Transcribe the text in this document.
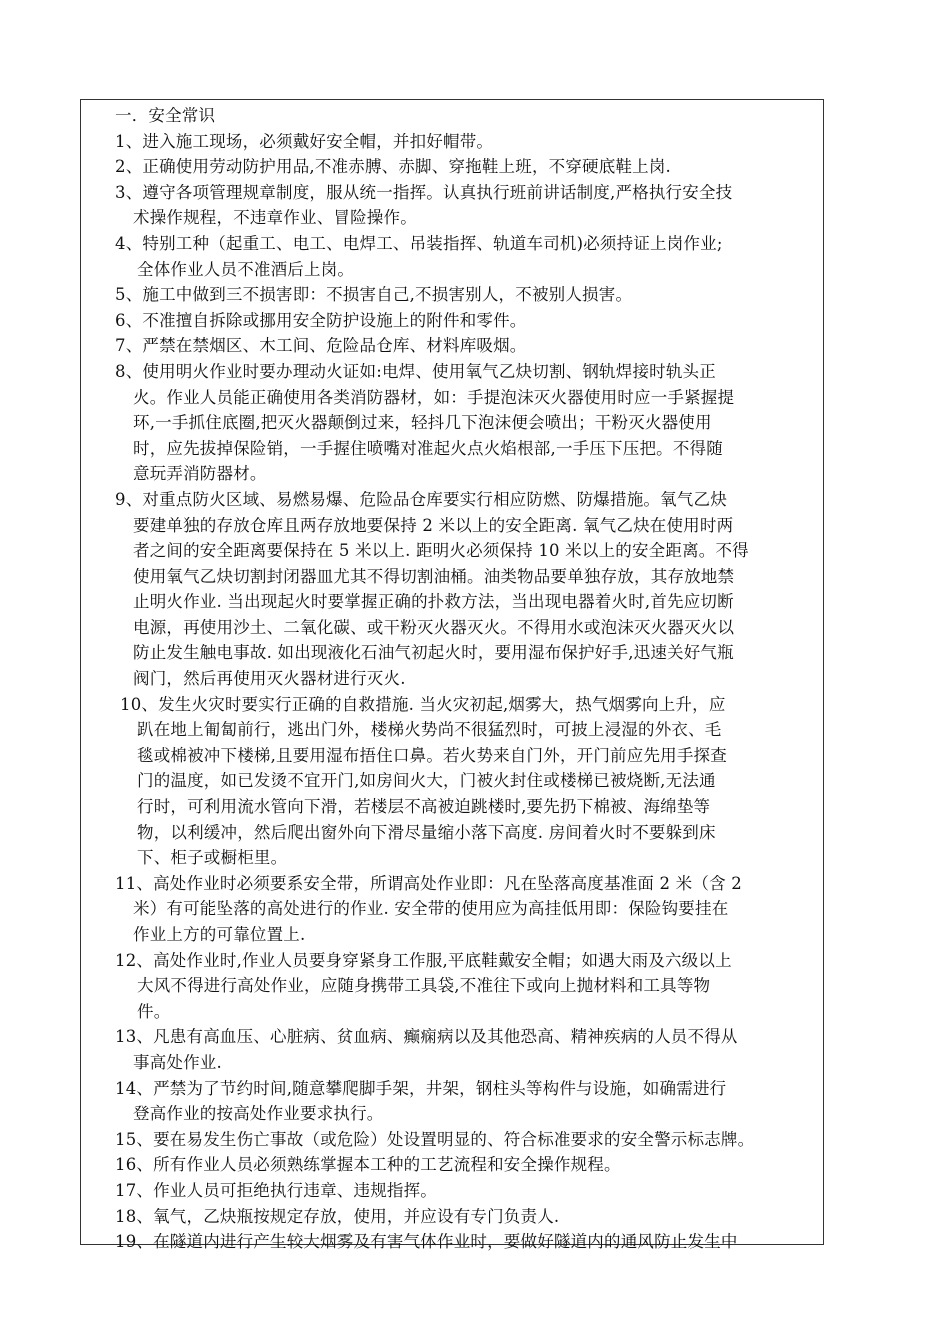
一．安全常识
1、进入施工现场，必须戴好安全帽，并扣好帽带。
2、正确使用劳动防护用品,不准赤膊、赤脚、穿拖鞋上班，不穿硬底鞋上岗.
3、遵守各项管理规章制度，服从统一指挥。认真执行班前讲话制度,严格执行安全技
术操作规程，不违章作业、冒险操作。
4、特别工种（起重工、电工、电焊工、吊装指挥、轨道车司机)必须持证上岗作业;
全体作业人员不准酒后上岗。
5、施工中做到三不损害即：不损害自己,不损害别人，不被别人损害。
6、不准擅自拆除或挪用安全防护设施上的附件和零件。
7、严禁在禁烟区、木工间、危险品仓库、材料库吸烟。
8、使用明火作业时要办理动火证如:电焊、使用氧气乙炔切割、钢轨焊接时轨头正
火。作业人员能正确使用各类消防器材，如：手提泡沫灭火器使用时应一手紧握提
环,一手抓住底圈,把灭火器颠倒过来，轻抖几下泡沫便会喷出；干粉灭火器使用
时，应先拔掉保险销，一手握住喷嘴对准起火点火焰根部,一手压下压把。不得随
意玩弄消防器材。
9、对重点防火区域、易燃易爆、危险品仓库要实行相应防燃、防爆措施。氧气乙炔
要建单独的存放仓库且两存放地要保持 2 米以上的安全距离. 氧气乙炔在使用时两
者之间的安全距离要保持在 5 米以上. 距明火必须保持 10 米以上的安全距离。不得
使用氧气乙炔切割封闭器皿尤其不得切割油桶。油类物品要单独存放，其存放地禁
止明火作业. 当出现起火时要掌握正确的扑救方法，当出现电器着火时,首先应切断
电源，再使用沙土、二氧化碳、或干粉灭火器灭火。不得用水或泡沫灭火器灭火以
防止发生触电事故. 如出现液化石油气初起火时，要用湿布保护好手,迅速关好气瓶
阀门，然后再使用灭火器材进行灭火.
10、发生火灾时要实行正确的自救措施. 当火灾初起,烟雾大，热气烟雾向上升，应
趴在地上匍匐前行，逃出门外，楼梯火势尚不很猛烈时，可披上浸湿的外衣、毛
毯或棉被冲下楼梯,且要用湿布捂住口鼻。若火势来自门外，开门前应先用手探查
门的温度，如已发烫不宜开门,如房间火大，门被火封住或楼梯已被烧断,无法通
行时，可利用流水管向下滑，若楼层不高被迫跳楼时,要先扔下棉被、海绵垫等
物，以利缓冲，然后爬出窗外向下滑尽量缩小落下高度. 房间着火时不要躲到床
下、柜子或橱柜里。
11、高处作业时必须要系安全带，所谓高处作业即：凡在坠落高度基准面 2 米（含 2
米）有可能坠落的高处进行的作业. 安全带的使用应为高挂低用即：保险钩要挂在
作业上方的可靠位置上.
12、高处作业时,作业人员要身穿紧身工作服,平底鞋戴安全帽；如遇大雨及六级以上
大风不得进行高处作业，应随身携带工具袋,不准往下或向上抛材料和工具等物
件。
13、凡患有高血压、心脏病、贫血病、癫痫病以及其他恐高、精神疾病的人员不得从
事高处作业.
14、严禁为了节约时间,随意攀爬脚手架，井架，钢柱头等构件与设施，如确需进行
登高作业的按高处作业要求执行。
15、要在易发生伤亡事故（或危险）处设置明显的、符合标准要求的安全警示标志牌。
16、所有作业人员必须熟练掌握本工种的工艺流程和安全操作规程。
17、作业人员可拒绝执行违章、违规指挥。
18、氧气，乙炔瓶按规定存放，使用，并应设有专门负责人.
19、在隧道内进行产生较大烟雾及有害气体作业时，要做好隧道内的通风防止发生中
